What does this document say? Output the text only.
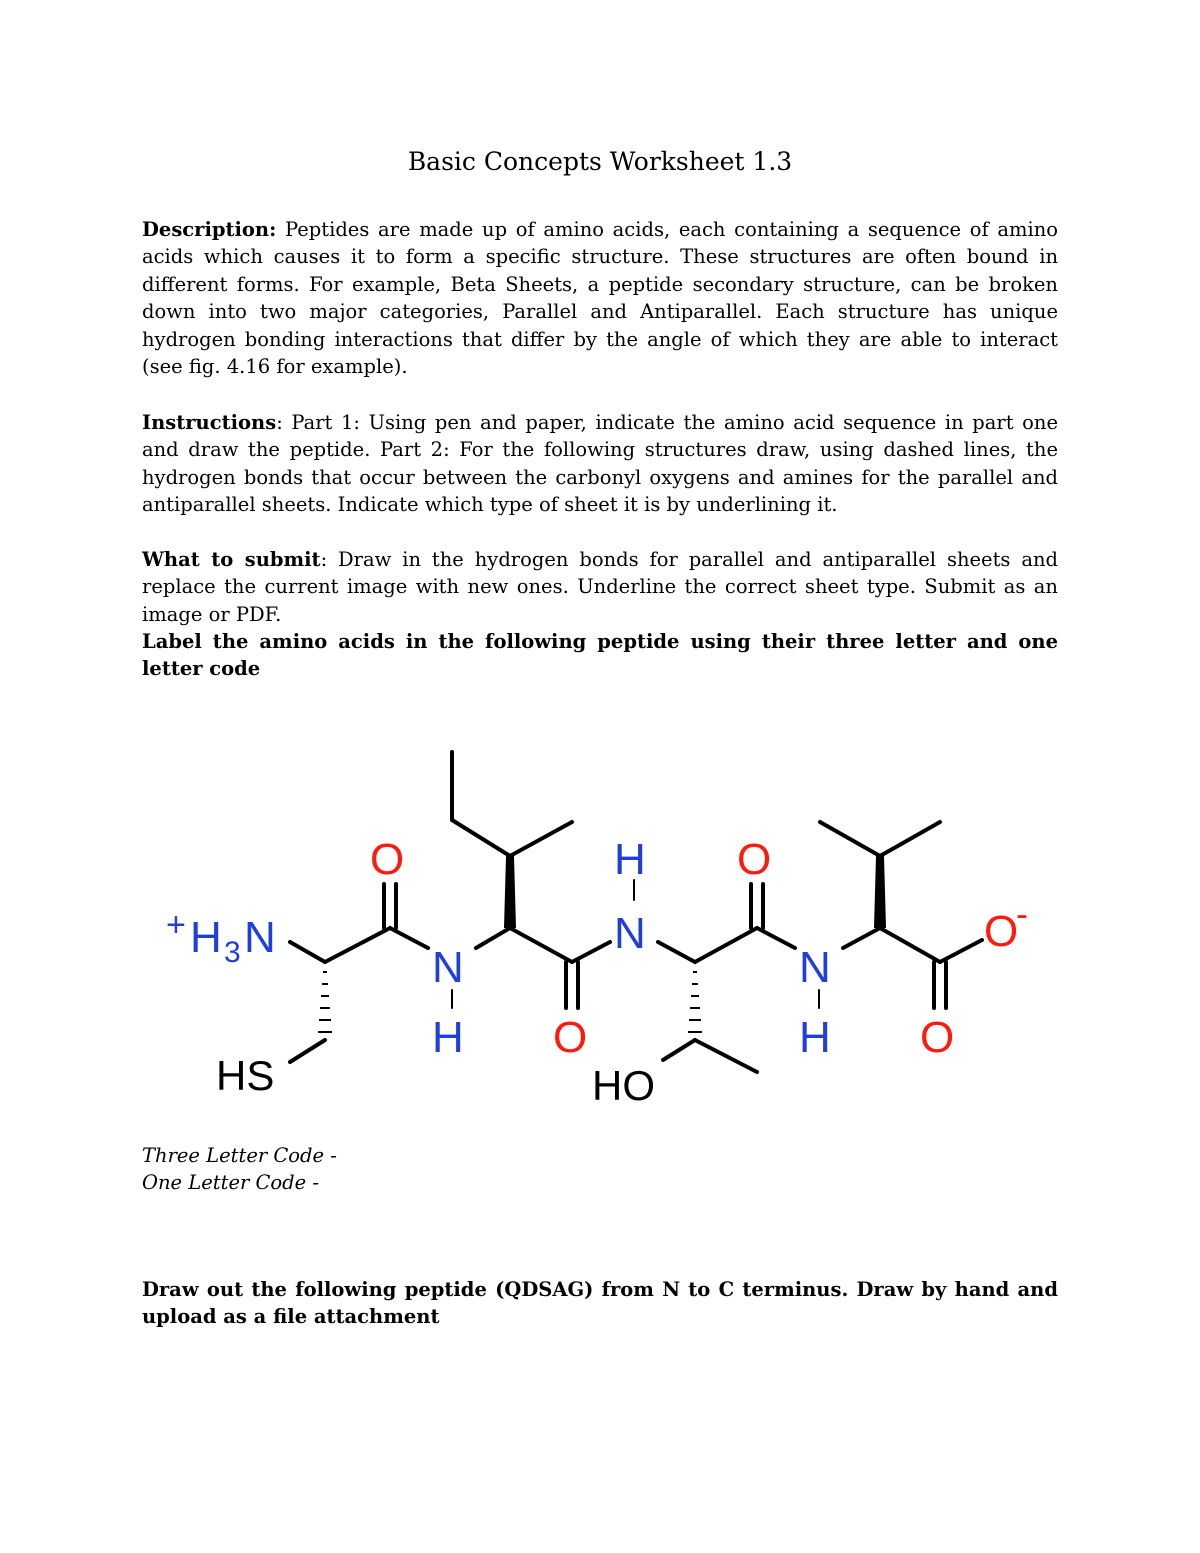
Basic Concepts Worksheet 1.3

Description: Peptides are made up of amino acids, each containing a sequence of amino acids which causes it to form a specific structure. These structures are often bound in different forms. For example, Beta Sheets, a peptide secondary structure, can be broken down into two major categories, Parallel and Antiparallel. Each structure has unique hydrogen bonding interactions that differ by the angle of which they are able to interact (see fig. 4.16 for example).

Instructions: Part 1: Using pen and paper, indicate the amino acid sequence in part one and draw the peptide. Part 2: For the following structures draw, using dashed lines, the hydrogen bonds that occur between the carbonyl oxygens and amines for the parallel and antiparallel sheets. Indicate which type of sheet it is by underlining it.

What to submit: Draw in the hydrogen bonds for parallel and antiparallel sheets and replace the current image with new ones. Underline the correct sheet type. Submit as an image or PDF.

Label the amino acids in the following peptide using their three letter and one letter code

+ H 3 N
O
O
O
O
O
-
N
H
H
N
N
H
HS	HO

Three Letter Code -

One Letter Code -

Draw out the following peptide (QDSAG) from N to C terminus. Draw by hand and upload as a file attachment
